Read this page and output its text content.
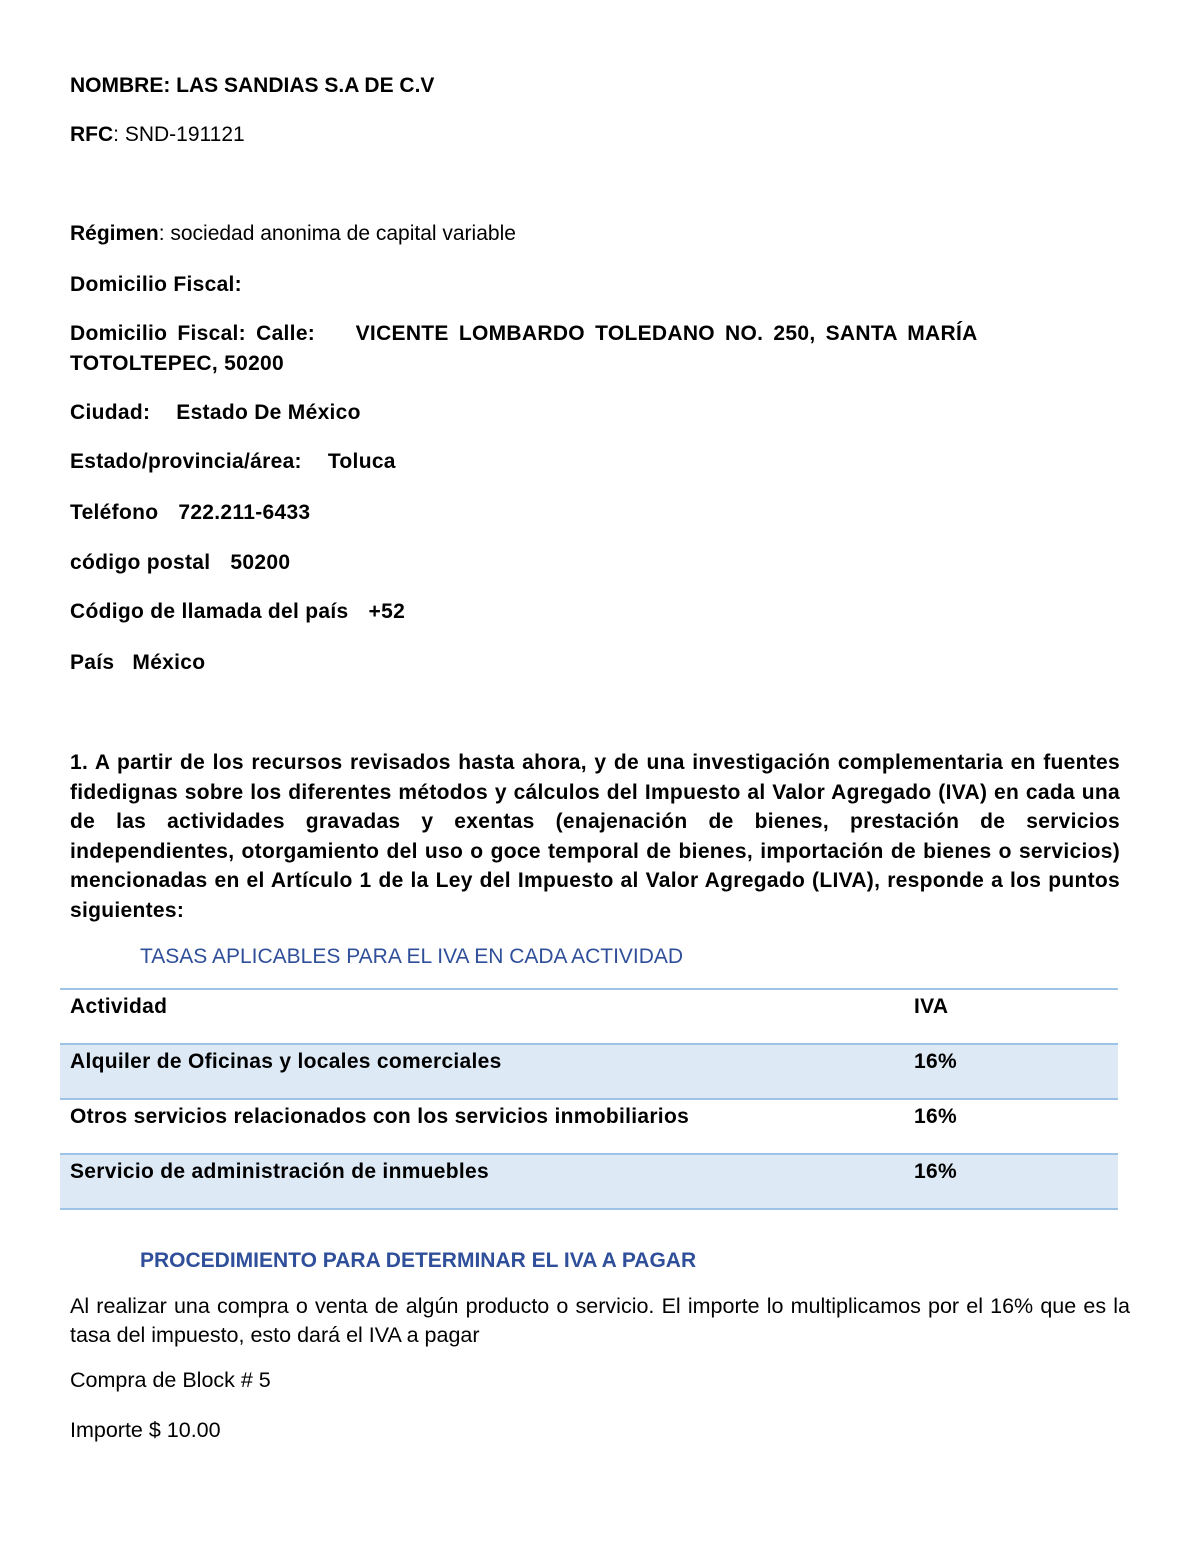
NOMBRE: LAS SANDIAS S.A DE C.V
RFC: SND-191121
Régimen: sociedad anonima de capital variable
Domicilio Fiscal:
Domicilio Fiscal: Calle:    VICENTE LOMBARDO TOLEDANO NO. 250, SANTA MARÍA
TOTOLTEPEC, 50200
Ciudad: Estado De México
Estado/provincia/área: Toluca
Teléfono 722.211-6433
código postal 50200
Código de llamada del país +52
País México
1. A partir de los recursos revisados hasta ahora, y de una investigación complementaria en fuentes fidedignas sobre los diferentes métodos y cálculos del Impuesto al Valor Agregado (IVA) en cada una de las actividades gravadas y exentas (enajenación de bienes, prestación de servicios independientes, otorgamiento del uso o goce temporal de bienes, importación de bienes o servicios) mencionadas en el Artículo 1 de la Ley del Impuesto al Valor Agregado (LIVA), responde a los puntos siguientes:
TASAS APLICABLES PARA EL IVA EN CADA ACTIVIDAD
Actividad	IVA
Alquiler de Oficinas y locales comerciales	16%
Otros servicios relacionados con los servicios inmobiliarios	16%
Servicio de administración de inmuebles	16%
PROCEDIMIENTO PARA DETERMINAR EL IVA A PAGAR
Al realizar una compra o venta de algún producto o servicio. El importe lo multiplicamos por el 16% que es la tasa del impuesto, esto dará el IVA a pagar
Compra de Block # 5
Importe $ 10.00
